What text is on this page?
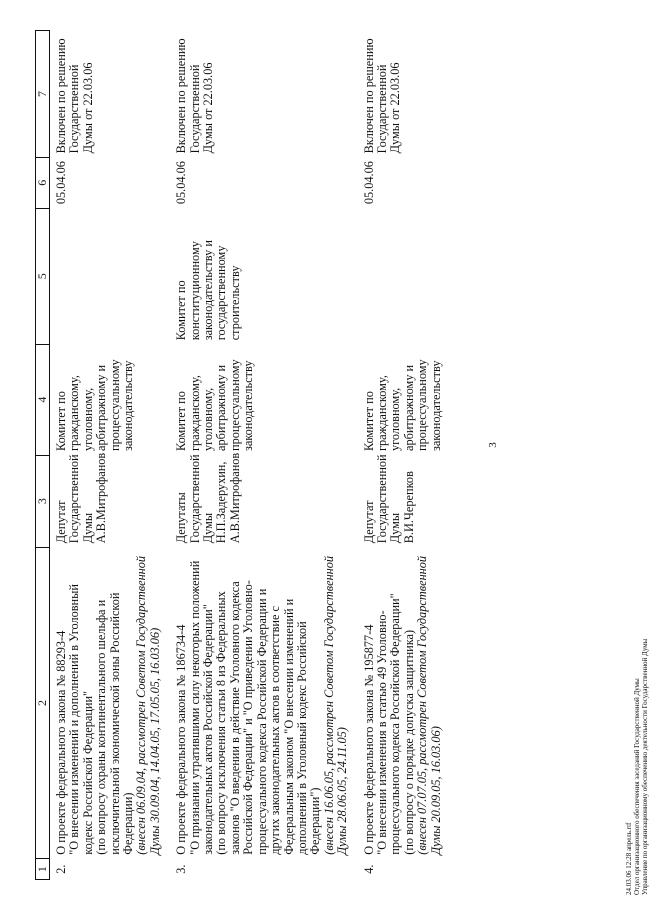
1	2	3	4	5	6	7
2.	О проекте федерального закона № 88293-4 "О внесении изменений и дополнений в Уголовный кодекс Российской Федерации" (по вопросу охраны континентального шельфа и исключительной экономической зоны Российской Федерации) (внесен 06.09.04, рассмотрен Советом Государственной Думы 30.09.04, 14.04.05, 17.05.05, 16.03.06)	Депутат Государственной Думы А.В.Митрофанов	Комитет по гражданскому, уголовному, арбитражному и процессуальному законодательству		05.04.06	Включен по решению Государственной Думы от 22.03.06
3.	О проекте федерального закона № 186734-4 "О признании утратившими силу некоторых положений законодательных актов Российской Федерации" (по вопросу исключения статьи 8 из Федеральных законов "О введении в действие Уголовного кодекса Российской Федерации" и "О приведении Уголовно-процессуального кодекса Российской Федерации и других законодательных актов в соответствие с Федеральным законом "О внесении изменений и дополнений в Уголовный кодекс Российской Федерации") (внесен 16.06.05, рассмотрен Советом Государственной Думы 28.06.05, 24.11.05)	Депутаты Государственной Думы Н.П.Задерухин, А.В.Митрофанов	Комитет по гражданскому, уголовному, арбитражному и процессуальному законодательству	Комитет по конституционному законодательству и государственному строительству	05.04.06	Включен по решению Государственной Думы от 22.03.06
4.	О проекте федерального закона № 195877-4 "О внесении изменения в статью 49 Уголовно-процессуального кодекса Российской Федерации" (по вопросу о порядке допуска защитника) (внесен 07.07.05, рассмотрен Советом Государственной Думы 20.09.05, 16.03.06)	Депутат Государственной Думы В.И.Черепков	Комитет по гражданскому, уголовному, арбитражному и процессуальному законодательству		05.04.06	Включен по решению Государственной Думы от 22.03.06
3
24.03.06 12:28 апрель.rtf Отдел организационного обеспечения заседаний Государственной Думы Управление по организационному обеспечению деятельности Государственной Думы
